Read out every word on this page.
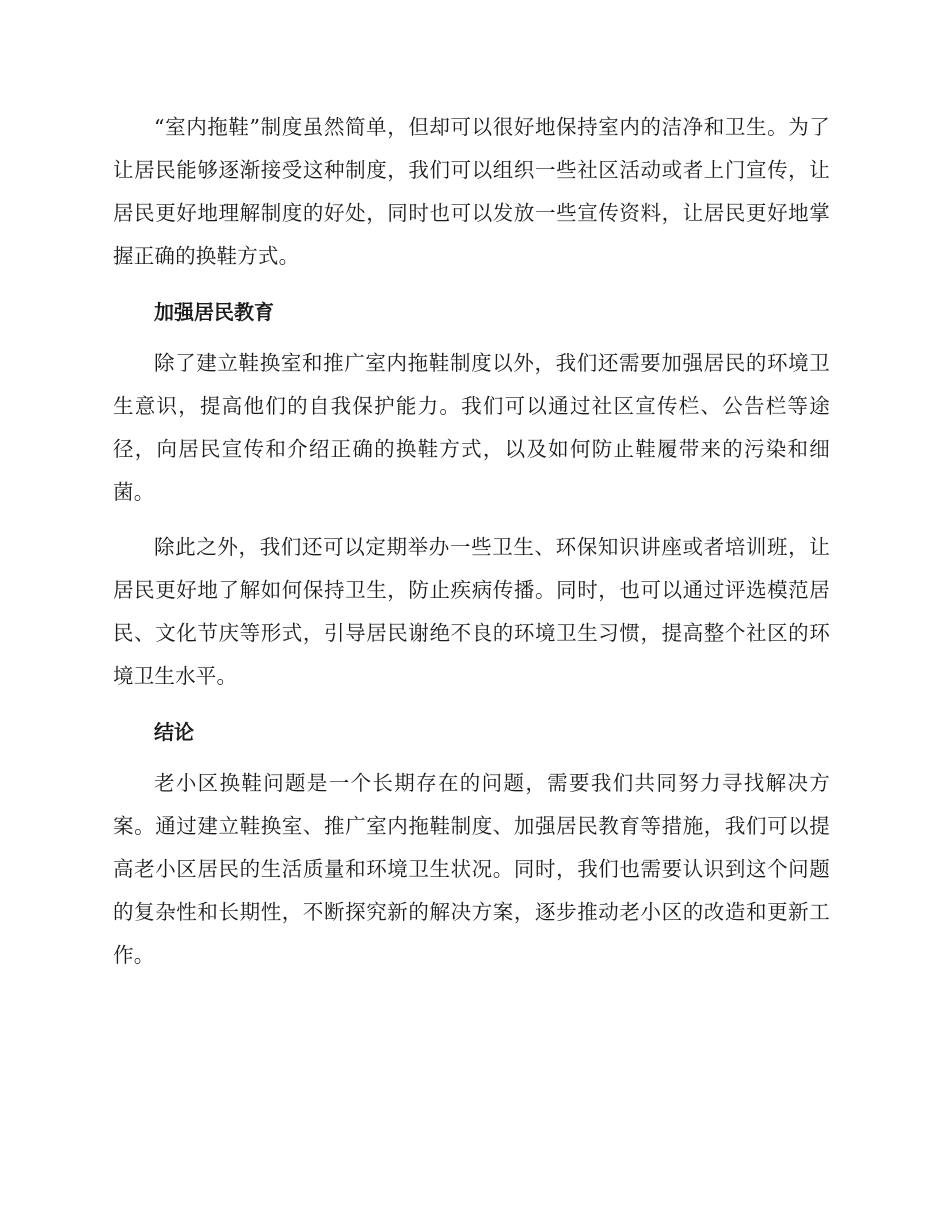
“室内拖鞋”制度虽然简单，但却可以很好地保持室内的洁净和卫生。为了让居民能够逐渐接受这种制度，我们可以组织一些社区活动或者上门宣传，让居民更好地理解制度的好处，同时也可以发放一些宣传资料，让居民更好地掌握正确的换鞋方式。

加强居民教育

除了建立鞋换室和推广室内拖鞋制度以外，我们还需要加强居民的环境卫生意识，提高他们的自我保护能力。我们可以通过社区宣传栏、公告栏等途径，向居民宣传和介绍正确的换鞋方式，以及如何防止鞋履带来的污染和细菌。

除此之外，我们还可以定期举办一些卫生、环保知识讲座或者培训班，让居民更好地了解如何保持卫生，防止疾病传播。同时，也可以通过评选模范居民、文化节庆等形式，引导居民谢绝不良的环境卫生习惯，提高整个社区的环境卫生水平。

结论

老小区换鞋问题是一个长期存在的问题，需要我们共同努力寻找解决方案。通过建立鞋换室、推广室内拖鞋制度、加强居民教育等措施，我们可以提高老小区居民的生活质量和环境卫生状况。同时，我们也需要认识到这个问题的复杂性和长期性，不断探究新的解决方案，逐步推动老小区的改造和更新工作。
